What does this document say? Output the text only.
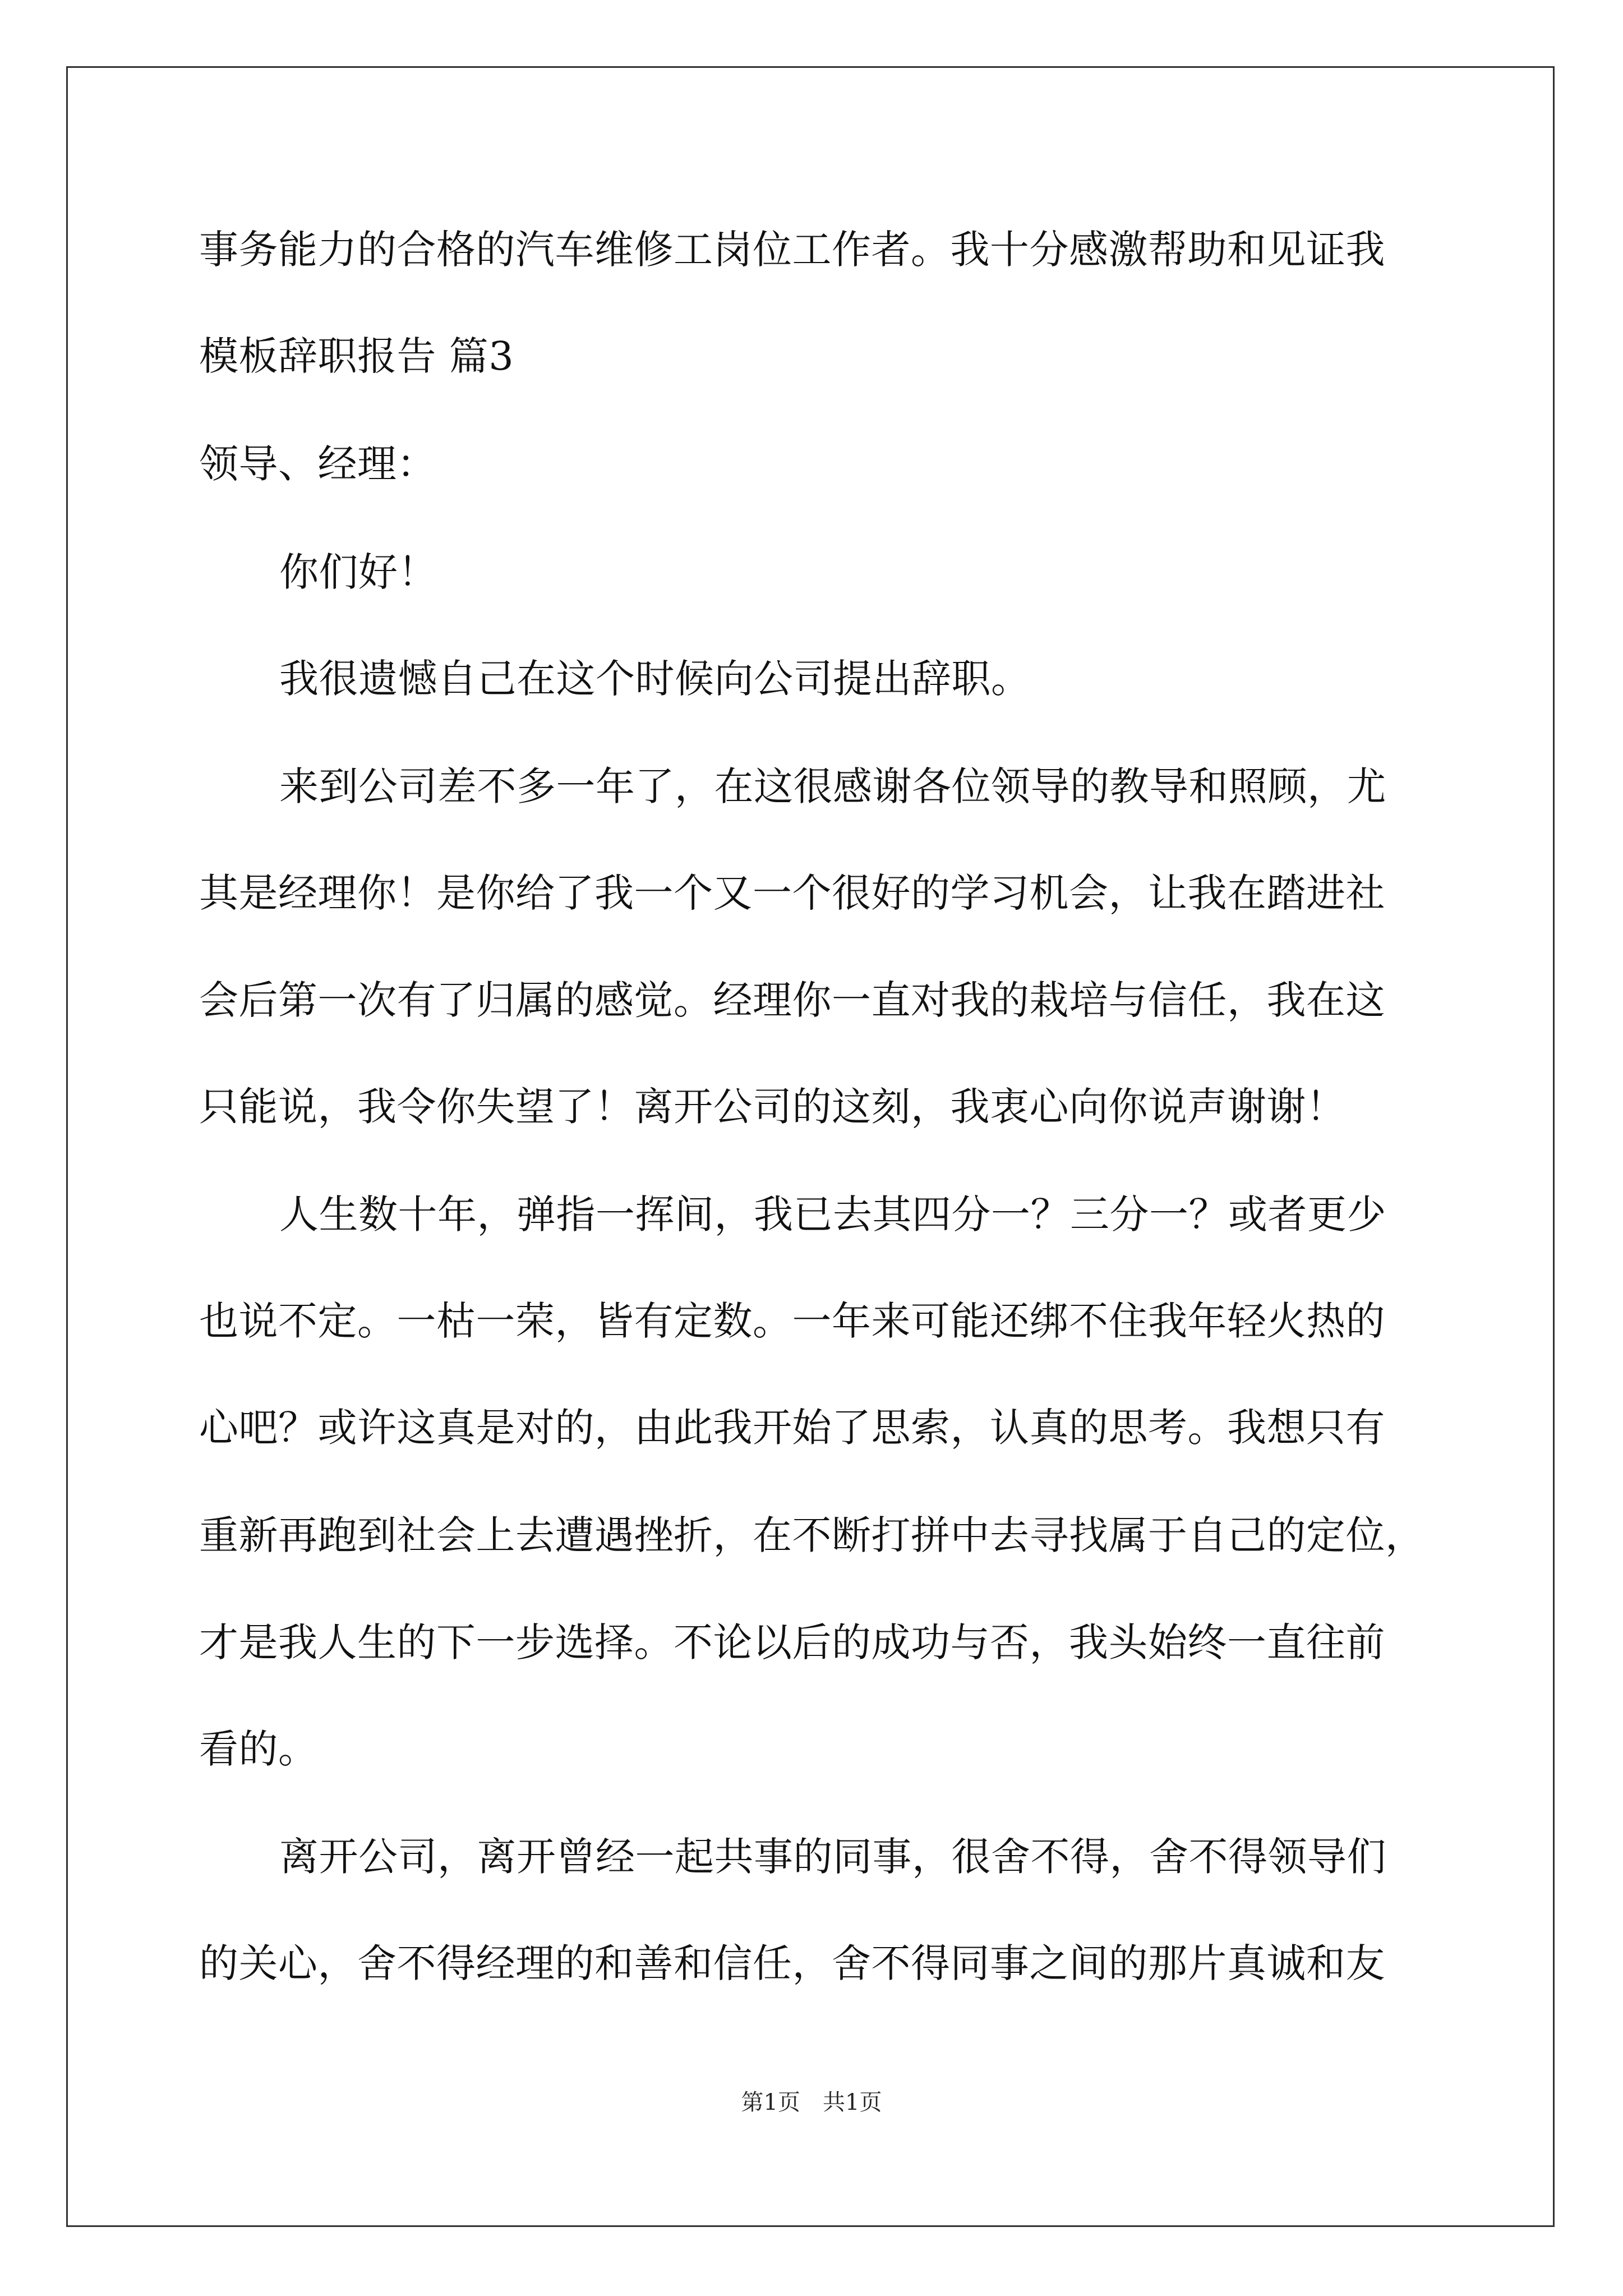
事务能力的合格的汽车维修工岗位工作者。我十分感激帮助和见证我
模板辞职报告 篇3
领导、经理：
你们好！
我很遗憾自己在这个时候向公司提出辞职。
来到公司差不多一年了，在这很感谢各位领导的教导和照顾，尤
其是经理你！是你给了我一个又一个很好的学习机会，让我在踏进社
会后第一次有了归属的感觉。经理你一直对我的栽培与信任，我在这
只能说，我令你失望了！离开公司的这刻，我衷心向你说声谢谢！
人生数十年，弹指一挥间，我已去其四分一？三分一？或者更少
也说不定。一枯一荣，皆有定数。一年来可能还绑不住我年轻火热的
心吧？或许这真是对的，由此我开始了思索，认真的思考。我想只有
重新再跑到社会上去遭遇挫折，在不断打拼中去寻找属于自己的定位，
才是我人生的下一步选择。不论以后的成功与否，我头始终一直往前
看的。
离开公司，离开曾经一起共事的同事，很舍不得，舍不得领导们
的关心，舍不得经理的和善和信任，舍不得同事之间的那片真诚和友
第1页　共1页
